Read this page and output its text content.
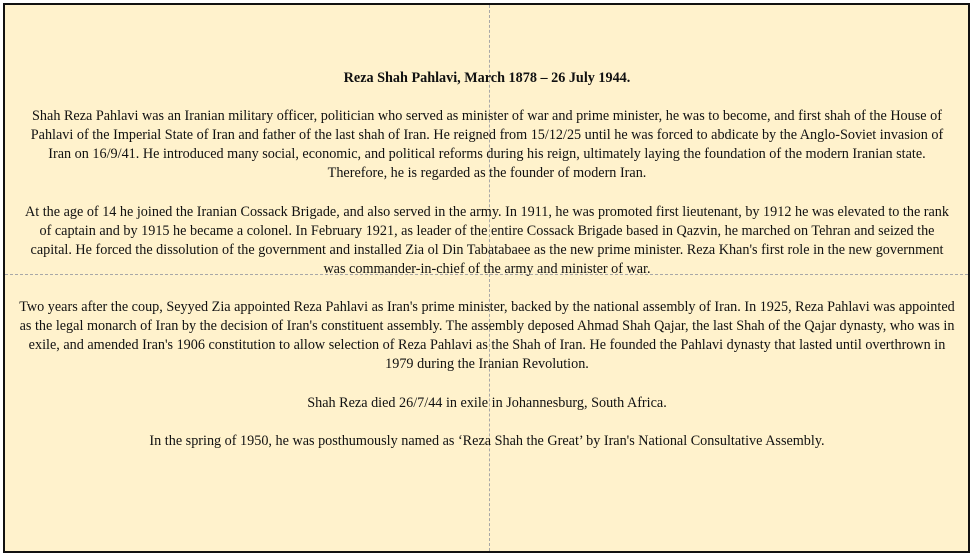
Reza Shah Pahlavi, March 1878 – 26 July 1944.

Shah Reza Pahlavi was an Iranian military officer, politician who served as minister of war and prime minister, he was to become, and first shah of the House of Pahlavi of the Imperial State of Iran and father of the last shah of Iran. He reigned from 15/12/25 until he was forced to abdicate by the Anglo-Soviet invasion of Iran on 16/9/41. He introduced many social, economic, and political reforms during his reign, ultimately laying the foundation of the modern Iranian state. Therefore, he is regarded as the founder of modern Iran.

At the age of 14 he joined the Iranian Cossack Brigade, and also served in the army. In 1911, he was promoted first lieutenant, by 1912 he was elevated to the rank of captain and by 1915 he became a colonel. In February 1921, as leader of the entire Cossack Brigade based in Qazvin, he marched on Tehran and seized the capital. He forced the dissolution of the government and installed Zia ol Din Tabatabaee as the new prime minister. Reza Khan's first role in the new government was commander-in-chief of the army and minister of war.

Two years after the coup, Seyyed Zia appointed Reza Pahlavi as Iran's prime minister, backed by the national assembly of Iran. In 1925, Reza Pahlavi was appointed as the legal monarch of Iran by the decision of Iran's constituent assembly. The assembly deposed Ahmad Shah Qajar, the last Shah of the Qajar dynasty, who was in exile, and amended Iran's 1906 constitution to allow selection of Reza Pahlavi as the Shah of Iran. He founded the Pahlavi dynasty that lasted until overthrown in 1979 during the Iranian Revolution.

Shah Reza died 26/7/44 in exile in Johannesburg, South Africa.

In the spring of 1950, he was posthumously named as ‘Reza Shah the Great’ by Iran's National Consultative Assembly.
